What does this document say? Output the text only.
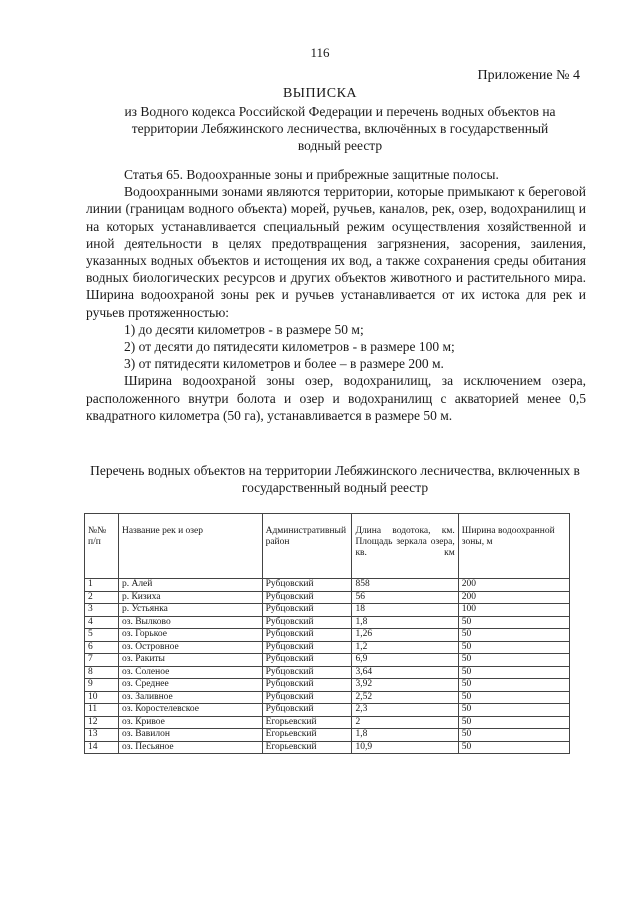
116
Приложение № 4
ВЫПИСКА
из Водного кодекса Российской Федерации и перечень водных объектов на территории Лебяжинского лесничества, включённых в государственный водный реестр

Статья 65. Водоохранные зоны и прибрежные защитные полосы.

Водоохранными зонами являются территории, которые примыкают к береговой линии (границам водного объекта) морей, ручьев, каналов, рек, озер, водохранилищ и на которых устанавливается специальный режим осуществления хозяйственной и иной деятельности в целях предотвращения загрязнения, засорения, заиления, указанных водных объектов и истощения их вод, а также сохранения среды обитания водных биологических ресурсов и других объектов животного и растительного мира. Ширина водоохраной зоны рек и ручьев устанавливается от их истока для рек и ручьев протяженностью:

1) до десяти километров - в размере 50 м;

2) от десяти до пятидесяти километров - в размере 100 м;

3) от пятидесяти километров и более – в размере 200 м.

Ширина водоохраной зоны озер, водохранилищ, за исключением озера, расположенного внутри болота и озер и водохранилищ с акваторией менее 0,5 квадратного километра (50 га), устанавливается в размере 50 м.

Перечень водных объектов на территории Лебяжинского лесничества, включенных в государственный водный реестр
№№ п/п	Название рек и озер	Административный район	Длина водотока, км. Площадь зеркала озера, кв. км	Ширина водоохранной зоны, м
1	р. Алей	Рубцовский	858	200
2	р. Кизиха	Рубцовский	56	200
3	р. Устьянка	Рубцовский	18	100
4	оз. Вылково	Рубцовский	1,8	50
5	оз. Горькое	Рубцовский	1,26	50
6	оз. Островное	Рубцовский	1,2	50
7	оз. Ракиты	Рубцовский	6,9	50
8	оз. Соленое	Рубцовский	3,64	50
9	оз. Среднее	Рубцовский	3,92	50
10	оз. Заливное	Рубцовский	2,52	50
11	оз. Коростелевское	Рубцовский	2,3	50
12	оз. Кривое	Егорьевский	2	50
13	оз. Вавилон	Егорьевский	1,8	50
14	оз. Песьяное	Егорьевский	10,9	50
